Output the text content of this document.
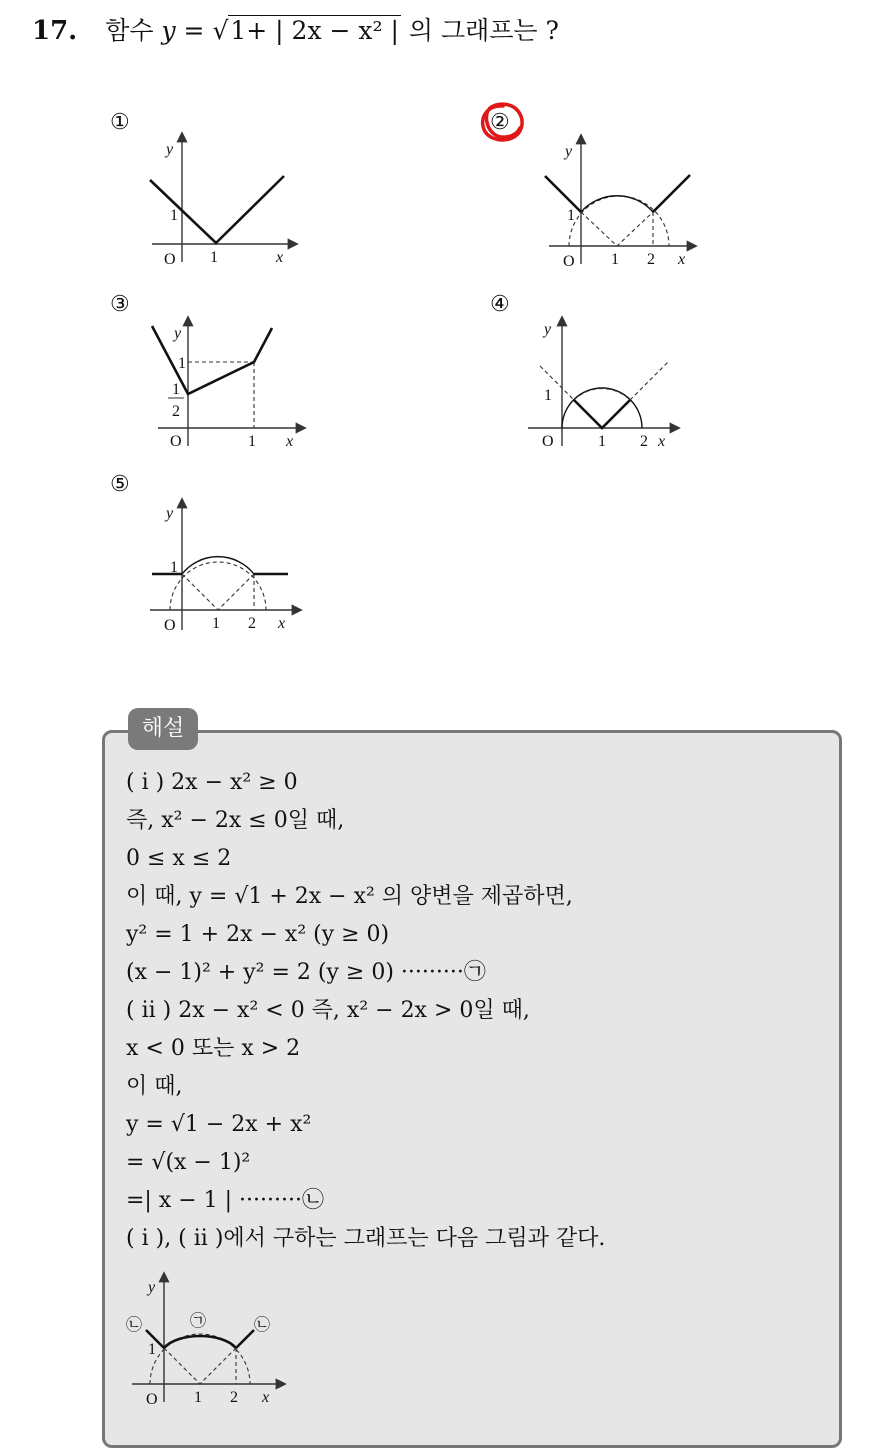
17. 함수 y = √1+ | 2x − x² | 의 그래프는 ?
①	②
③	④
⑤
y
1
O 1	x
y
1
O 1 2 x
y
1
1
2
O	1 x
y
1
O	1 2 x
y
1
O 1 2 x
해설
( i ) 2x − x² ≥ 0
즉, x² − 2x ≤ 0일 때,
0 ≤ x ≤ 2
이 때, y = √1 + 2x − x² 의 양변을 제곱하면,
y² = 1 + 2x − x² (y ≥ 0)
(x − 1)² + y² = 2 (y ≥ 0) ·········㉠
( ii ) 2x − x² < 0 즉, x² − 2x > 0일 때,
x < 0 또는 x > 2
이 때,
y = √1 − 2x + x²
= √(x − 1)²
=| x − 1 | ·········㉡
( i ), ( ii )에서 구하는 그래프는 다음 그림과 같다.
y
1
O 1 2 x
㉡	㉠	㉡
